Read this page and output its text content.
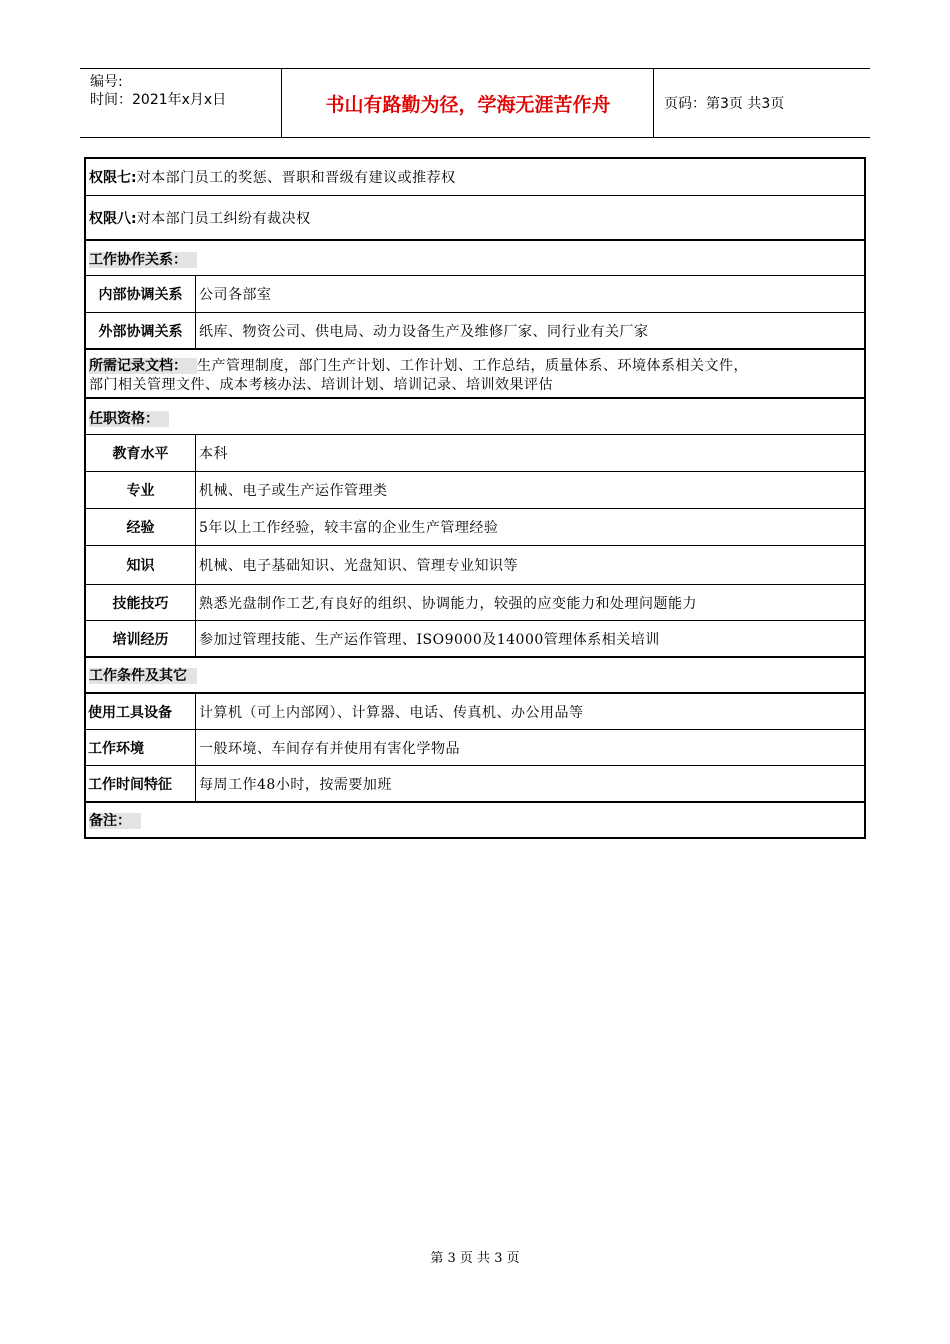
编号:
时间：2021年x月x日	书山有路勤为径，学海无涯苦作舟	页码：第3页 共3页
权限七:对本部门员工的奖惩、晋职和晋级有建议或推荐权
权限八:对本部门员工纠纷有裁决权
工作协作关系：
内部协调关系	公司各部室
外部协调关系	纸库、物资公司、供电局、动力设备生产及维修厂家、同行业有关厂家
所需记录文档： 生产管理制度，部门生产计划、工作计划、工作总结，质量体系、环境体系相关文件，
部门相关管理文件、成本考核办法、培训计划、培训记录、培训效果评估
任职资格：
教育水平	本科
专业	机械、电子或生产运作管理类
经验	5年以上工作经验，较丰富的企业生产管理经验
知识	机械、电子基础知识、光盘知识、管理专业知识等
技能技巧	熟悉光盘制作工艺,有良好的组织、协调能力，较强的应变能力和处理问题能力
培训经历	参加过管理技能、生产运作管理、ISO9000及14000管理体系相关培训
工作条件及其它
使用工具设备	计算机（可上内部网）、计算器、电话、传真机、办公用品等
工作环境	一般环境、车间存有并使用有害化学物品
工作时间特征	每周工作48小时，按需要加班
备注：
第 3 页 共 3 页
